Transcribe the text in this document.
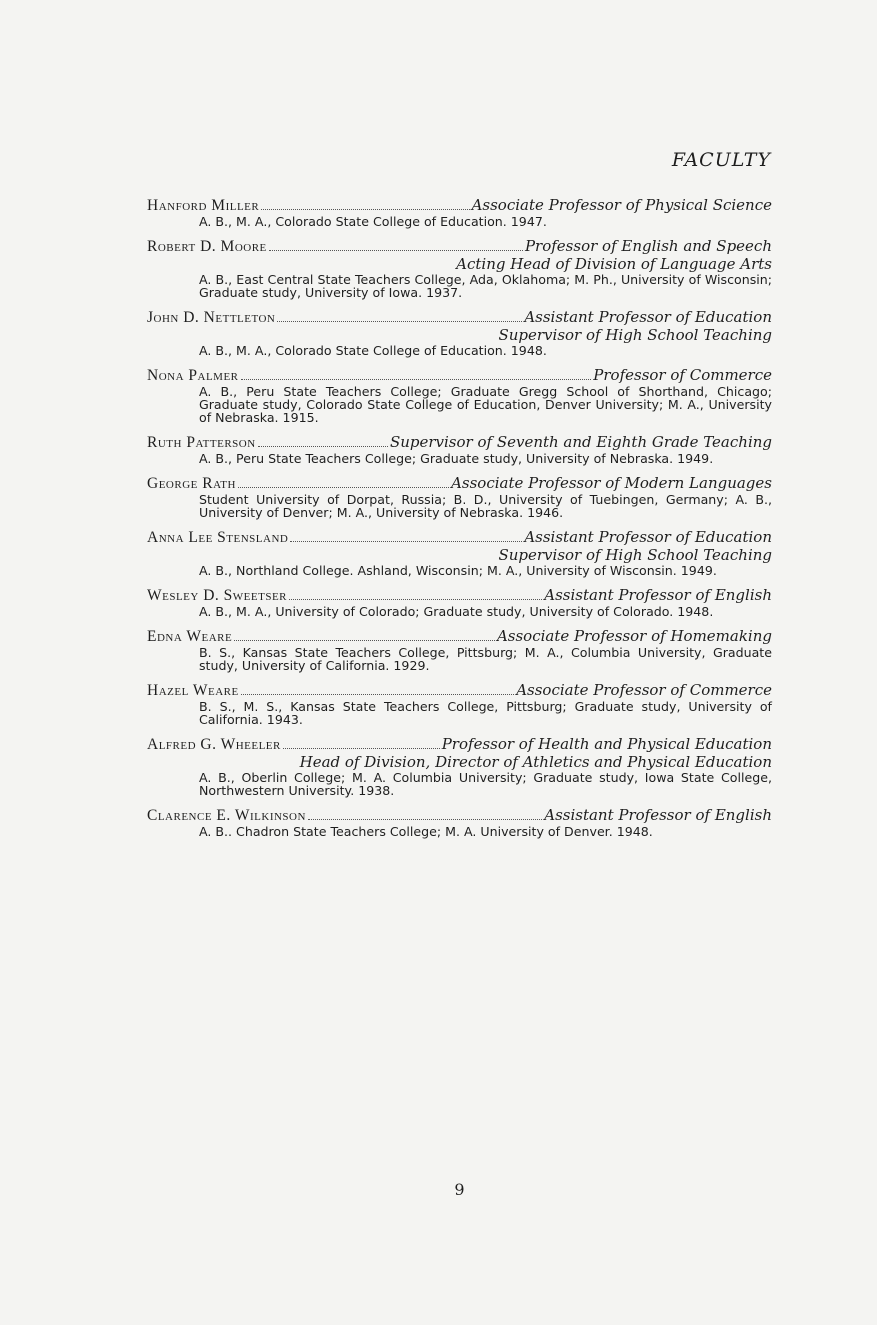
FACULTY
Hanford Miller	Associate Professor of Physical Science
A. B., M. A., Colorado State College of Education. 1947.
Robert D. Moore	Professor of English and Speech
Acting Head of Division of Language Arts
A. B., East Central State Teachers College, Ada, Oklahoma; M. Ph., University of Wisconsin; Graduate study, University of Iowa. 1937.
John D. Nettleton	Assistant Professor of Education
Supervisor of High School Teaching
A. B., M. A., Colorado State College of Education. 1948.
Nona Palmer	Professor of Commerce
A. B., Peru State Teachers College; Graduate Gregg School of Shorthand, Chicago; Graduate study, Colorado State College of Education, Denver University; M. A., University of Nebraska. 1915.
Ruth Patterson	Supervisor of Seventh and Eighth Grade Teaching
A. B., Peru State Teachers College; Graduate study, University of Nebraska. 1949.
George Rath	Associate Professor of Modern Languages
Student University of Dorpat, Russia; B. D., University of Tuebingen, Germany; A. B., University of Denver; M. A., University of Nebraska. 1946.
Anna Lee Stensland	Assistant Professor of Education
Supervisor of High School Teaching
A. B., Northland College. Ashland, Wisconsin; M. A., University of Wisconsin. 1949.
Wesley D. Sweetser	Assistant Professor of English
A. B., M. A., University of Colorado; Graduate study, University of Colorado. 1948.
Edna Weare	Associate Professor of Homemaking
B. S., Kansas State Teachers College, Pittsburg; M. A., Columbia University, Graduate study, University of California. 1929.
Hazel Weare	Associate Professor of Commerce
B. S., M. S., Kansas State Teachers College, Pittsburg; Graduate study, University of California. 1943.
Alfred G. Wheeler	Professor of Health and Physical Education
Head of Division, Director of Athletics and Physical Education
A. B., Oberlin College; M. A. Columbia University; Graduate study, Iowa State College, Northwestern University. 1938.
Clarence E. Wilkinson	Assistant Professor of English
A. B.. Chadron State Teachers College; M. A. University of Denver. 1948.
9
